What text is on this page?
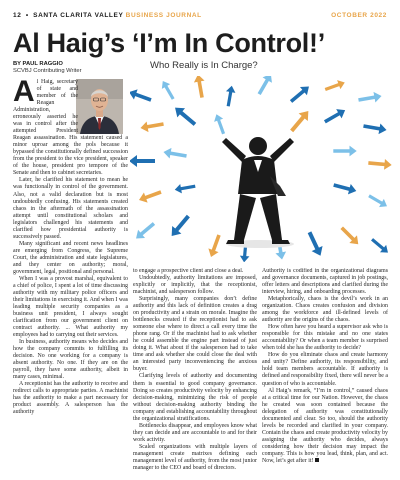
12 • SANTA CLARITA VALLEY BUSINESS JOURNAL	OCTOBER 2022
Al Haig’s ‘I’m In Control!’
BY PAUL RAGGIO
SCVBJ Contributing Writer	Who Really is In Charge?
A l Haig, secretary of state and member of the Reagan Administration, erroneously asserted he was in control after the attempted President Reagan assassination. His statement caused a minor uproar among the pols because it bypassed the constitutionally defined succession from the president to the vice president, speaker of the house, president pro tempore of the Senate and then to cabinet secretaries.

Later, he clarified his statement to mean he was functionally in control of the government. Also, not a valid declaration but is most undoubtedly confusing. His statements created chaos in the aftermath of the assassination attempt until constitutional scholars and legislators challenged his statements and clarified how presidential authority is successively passed.

Many significant and recent news headlines are emerging from Congress, the Supreme Court, the administration and state legislatures, and they center on authority; moral, government, legal, positional and personal.

When I was a provost marshal, equivalent to a chief of police, I spent a lot of time discussing authority with my military police officers and their limitations in exercising it. And when I was leading multiple security companies as a business unit president, I always sought clarification from our government client on contract authority. ... What authority my employees had to carrying out their services.

In business, authority means who decides and how the company commits to fulfilling its decision. No one working for a company is absent authority. No one. If they are on the payroll, they have some authority, albeit in many cases, minimal.

A receptionist has the authority to receive and redirect calls to appropriate parties. A machinist has the authority to make a part necessary for product assembly. A salesperson has the authority

to engage a prospective client and close a deal.

Undoubtedly, authority limitations are imposed, explicitly or implicitly, that the receptionist, machinist, and salesperson follow.

Surprisingly, many companies don’t define authority and this lack of definition creates a drag on productivity and a strain on morale. Imagine the bottlenecks created if the receptionist had to ask someone else where to direct a call every time the phone rang. Or if the machinist had to ask whether he could assemble the engine part instead of just doing it. What about if the salesperson had to take time and ask whether she could close the deal with an interested party inconveniencing the anxious buyer.

Clarifying levels of authority and documenting them is essential to good company governance. Doing so creates productivity velocity by enhancing decision-making, minimizing the risk of people without decision-making authority binding the company and establishing accountability throughout the organizational stratifications.

Bottlenecks disappear, and employees know what they can decide and are accountable to and for their work activity.

Scaled organizations with multiple layers of management create matrixes defining each management level of authority, from the most junior manager to the CEO and board of directors.

Authority is codified in the organizational diagrams and governance documents, captured in job postings, offer letters and descriptions and clarified during the interview, hiring, and onboarding processes.

Metaphorically, chaos is the devil’s work in an organization. Chaos creates confusion and division among the workforce and ill-defined levels of authority are the origins of the chaos.

How often have you heard a supervisor ask who is responsible for this mistake and no one states accountability? Or when a team member is surprised when told she has the authority to decide?

How do you eliminate chaos and create harmony and unity? Define authority, its responsibility, and hold team members accountable. If authority is defined and responsibility fixed, there will never be a question of who is accountable.

Al Haig’s remark, “I’m in control,” caused chaos at a critical time for our Nation. However, the chaos he created was soon contained because the delegation of authority was constitutionally documented and clear. So too, should the authority levels be recorded and clarified in your company. Contain the chaos and create productivity velocity by assigning the authority who decides, always considering how their decision may impact the company. This is how you lead, think, plan, and act. Now, let’s get after it!
